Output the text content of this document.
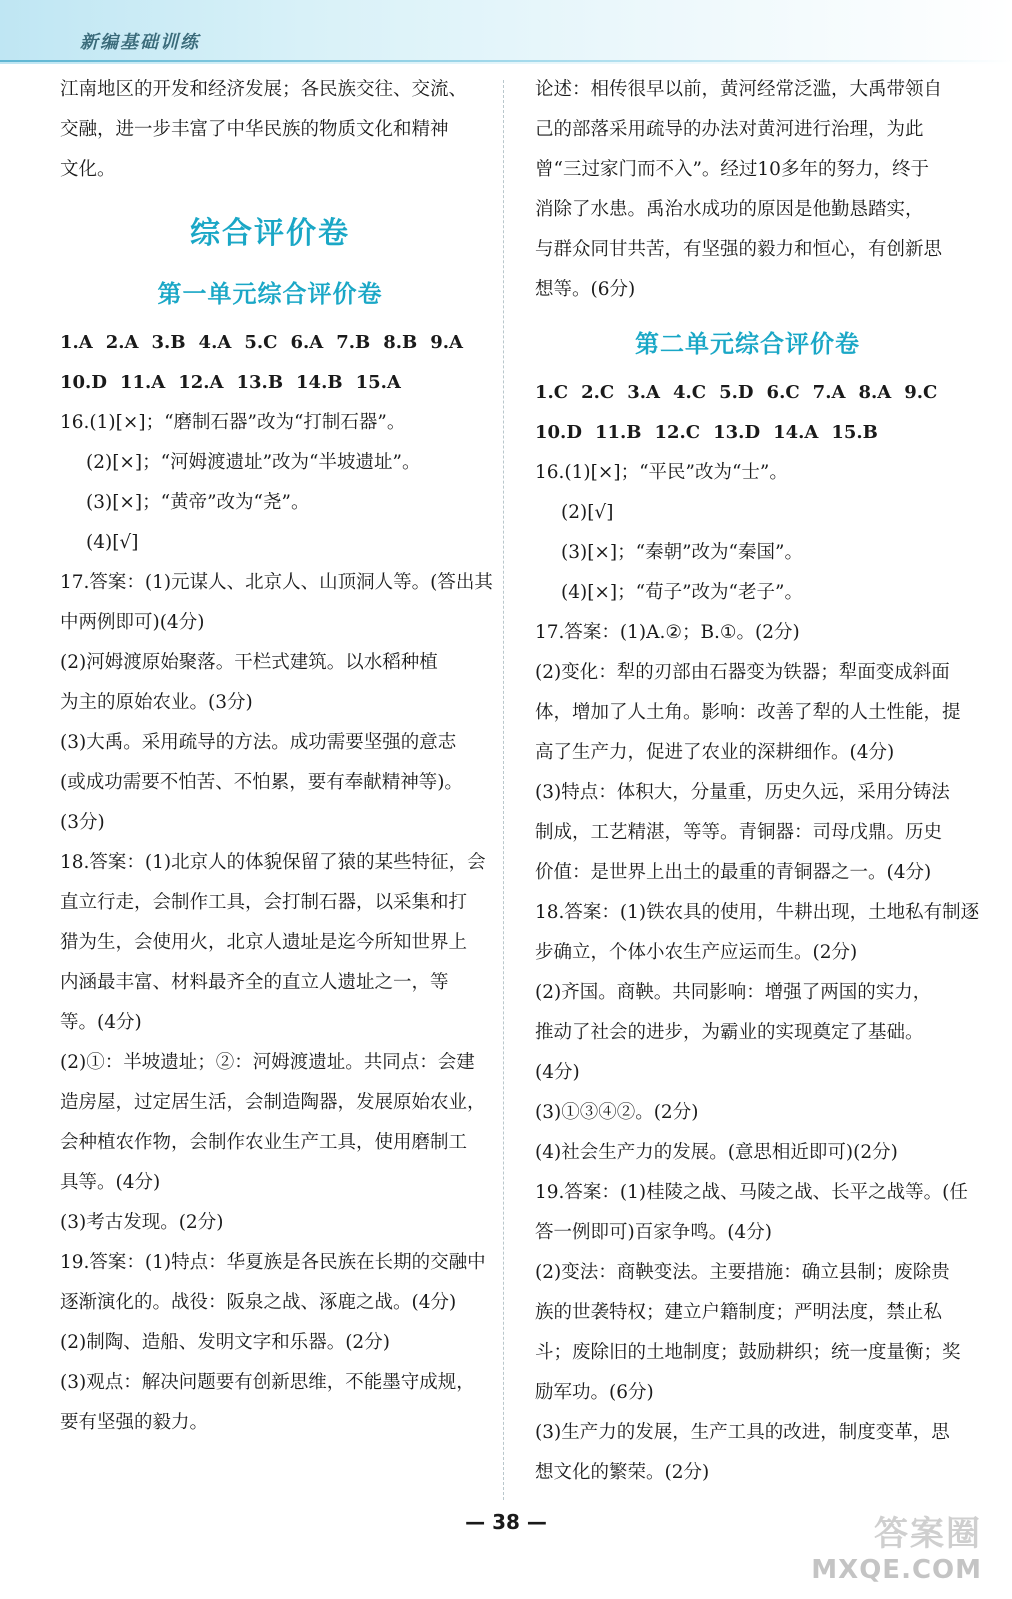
新编基础训练
江南地区的开发和经济发展；各民族交往、交流、
交融，进一步丰富了中华民族的物质文化和精神
文化。
综合评价卷
第一单元综合评价卷
1.A 2.A 3.B 4.A 5.C 6.A 7.B 8.B 9.A
10.D 11.A 12.A 13.B 14.B 15.A
16.(1)[×]；“磨制石器”改为“打制石器”。
(2)[×]；“河姆渡遗址”改为“半坡遗址”。
(3)[×]；“黄帝”改为“尧”。
(4)[√]
17.答案：(1)元谋人、北京人、山顶洞人等。(答出其
中两例即可)(4分)
(2)河姆渡原始聚落。干栏式建筑。以水稻种植
为主的原始农业。(3分)
(3)大禹。采用疏导的方法。成功需要坚强的意志
(或成功需要不怕苦、不怕累，要有奉献精神等)。
(3分)
18.答案：(1)北京人的体貌保留了猿的某些特征，会
直立行走，会制作工具，会打制石器，以采集和打
猎为生，会使用火，北京人遗址是迄今所知世界上
内涵最丰富、材料最齐全的直立人遗址之一，等
等。(4分)
(2)①：半坡遗址；②：河姆渡遗址。共同点：会建
造房屋，过定居生活，会制造陶器，发展原始农业，
会种植农作物，会制作农业生产工具，使用磨制工
具等。(4分)
(3)考古发现。(2分)
19.答案：(1)特点：华夏族是各民族在长期的交融中
逐渐演化的。战役：阪泉之战、涿鹿之战。(4分)
(2)制陶、造船、发明文字和乐器。(2分)
(3)观点：解决问题要有创新思维，不能墨守成规，
要有坚强的毅力。
论述：相传很早以前，黄河经常泛滥，大禹带领自
己的部落采用疏导的办法对黄河进行治理，为此
曾“三过家门而不入”。经过10多年的努力，终于
消除了水患。禹治水成功的原因是他勤恳踏实，
与群众同甘共苦，有坚强的毅力和恒心，有创新思
想等。(6分)
第二单元综合评价卷
1.C 2.C 3.A 4.C 5.D 6.C 7.A 8.A 9.C
10.D 11.B 12.C 13.D 14.A 15.B
16.(1)[×]；“平民”改为“士”。
(2)[√]
(3)[×]；“秦朝”改为“秦国”。
(4)[×]；“荀子”改为“老子”。
17.答案：(1)A.②；B.①。(2分)
(2)变化：犁的刃部由石器变为铁器；犁面变成斜面
体，增加了人土角。影响：改善了犁的人土性能，提
高了生产力，促进了农业的深耕细作。(4分)
(3)特点：体积大，分量重，历史久远，采用分铸法
制成，工艺精湛，等等。青铜器：司母戊鼎。历史
价值：是世界上出土的最重的青铜器之一。(4分)
18.答案：(1)铁农具的使用，牛耕出现，土地私有制逐
步确立，个体小农生产应运而生。(2分)
(2)齐国。商鞅。共同影响：增强了两国的实力，
推动了社会的进步，为霸业的实现奠定了基础。
(4分)
(3)①③④②。(2分)
(4)社会生产力的发展。(意思相近即可)(2分)
19.答案：(1)桂陵之战、马陵之战、长平之战等。(任
答一例即可)百家争鸣。(4分)
(2)变法：商鞅变法。主要措施：确立县制；废除贵
族的世袭特权；建立户籍制度；严明法度，禁止私
斗；废除旧的土地制度；鼓励耕织；统一度量衡；奖
励军功。(6分)
(3)生产力的发展，生产工具的改进，制度变革，思
想文化的繁荣。(2分)
— 38 —	答案圈
MXQE.COM
